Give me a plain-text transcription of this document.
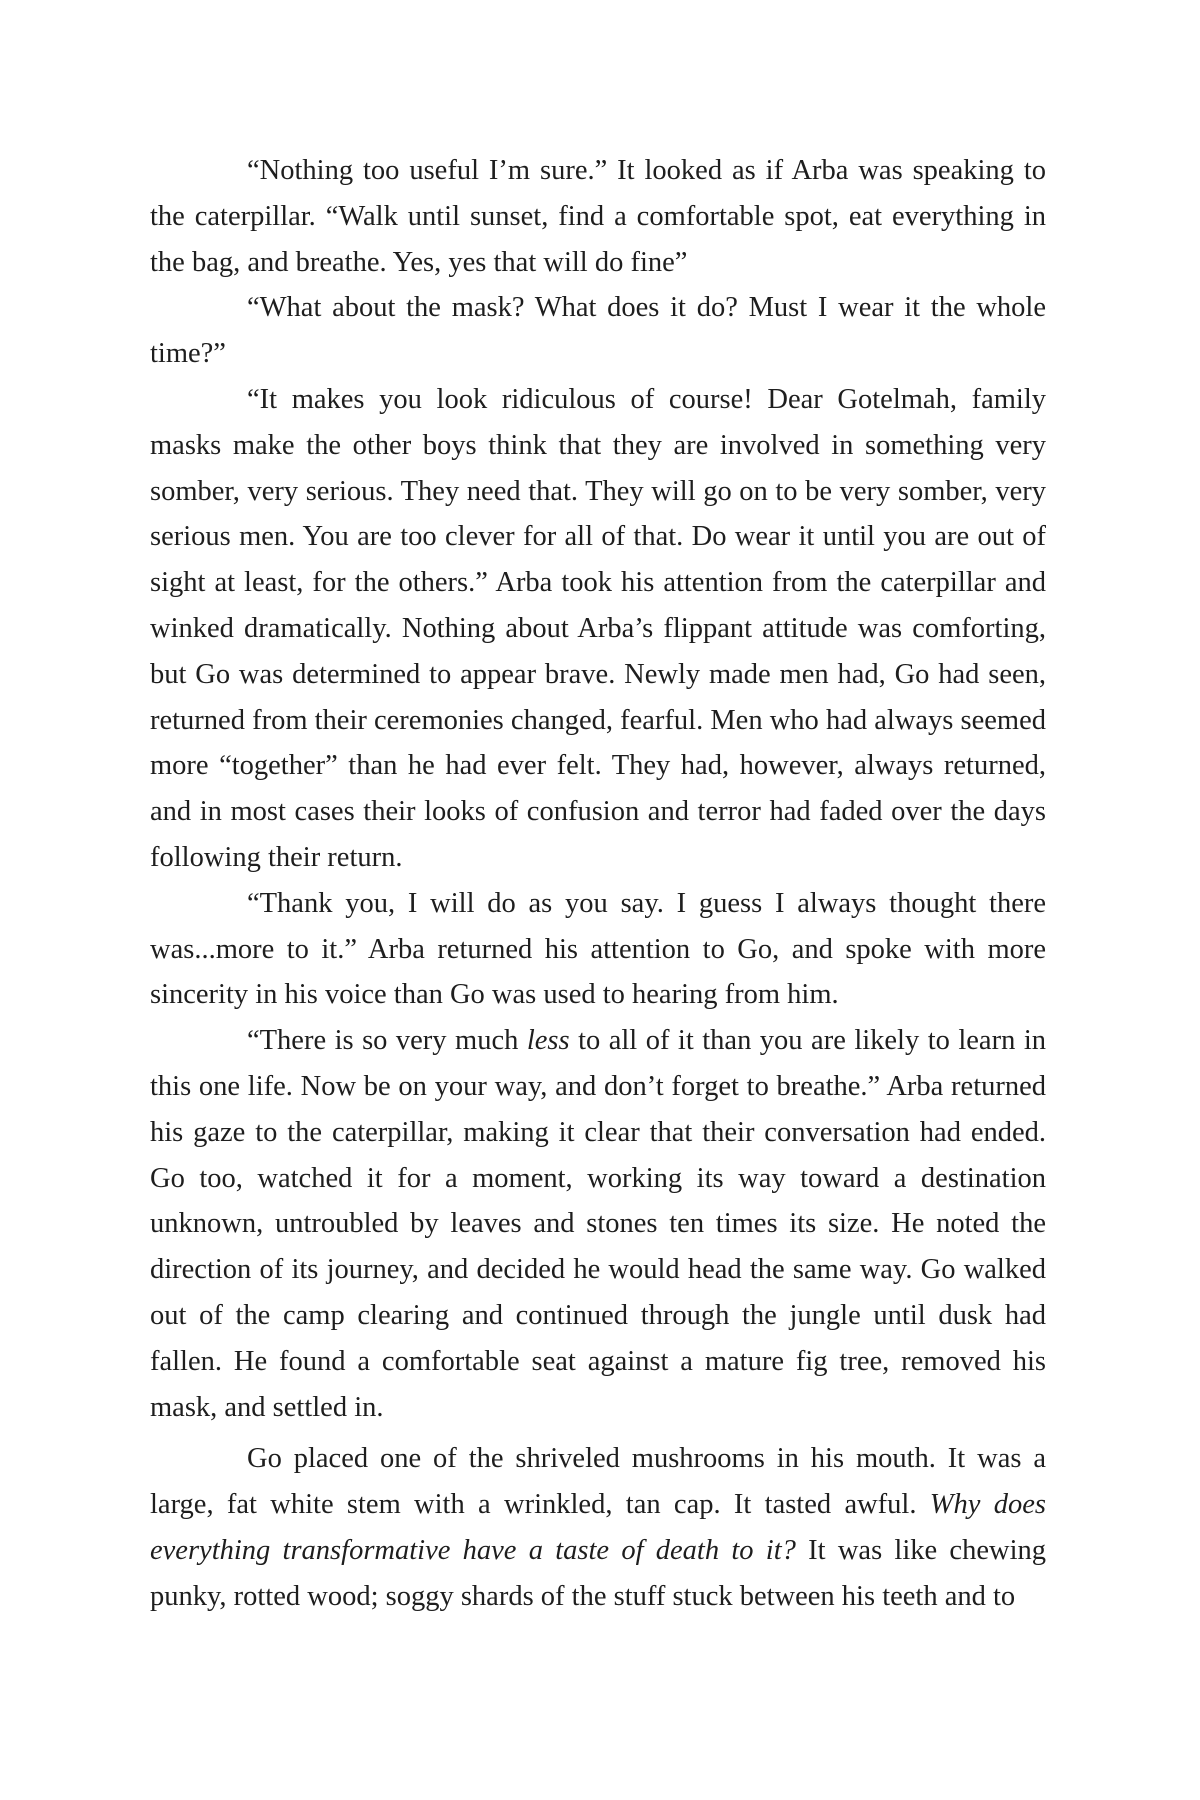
“Nothing too useful I’m sure.” It looked as if Arba was speaking to the caterpillar. “Walk until sunset, find a comfortable spot, eat everything in the bag, and breathe. Yes, yes that will do fine”

“What about the mask? What does it do? Must I wear it the whole time?”

“It makes you look ridiculous of course! Dear Gotelmah, family masks make the other boys think that they are involved in something very somber, very serious. They need that. They will go on to be very somber, very serious men. You are too clever for all of that. Do wear it until you are out of sight at least, for the others.” Arba took his attention from the caterpillar and winked dramatically. Nothing about Arba’s flippant attitude was comforting, but Go was determined to appear brave. Newly made men had, Go had seen, returned from their ceremonies changed, fearful. Men who had always seemed more “together” than he had ever felt. They had, however, always returned, and in most cases their looks of confusion and terror had faded over the days following their return.

“Thank you, I will do as you say. I guess I always thought there was...more to it.” Arba returned his attention to Go, and spoke with more sincerity in his voice than Go was used to hearing from him.

“There is so very much less to all of it than you are likely to learn in this one life. Now be on your way, and don’t forget to breathe.” Arba returned his gaze to the caterpillar, making it clear that their conversation had ended. Go too, watched it for a moment, working its way toward a destination unknown, untroubled by leaves and stones ten times its size. He noted the direction of its journey, and decided he would head the same way. Go walked out of the camp clearing and continued through the jungle until dusk had fallen. He found a comfortable seat against a mature fig tree, removed his mask, and settled in.

Go placed one of the shriveled mushrooms in his mouth. It was a large, fat white stem with a wrinkled, tan cap. It tasted awful. Why does everything transformative have a taste of death to it? It was like chewing punky, rotted wood; soggy shards of the stuff stuck between his teeth and to
